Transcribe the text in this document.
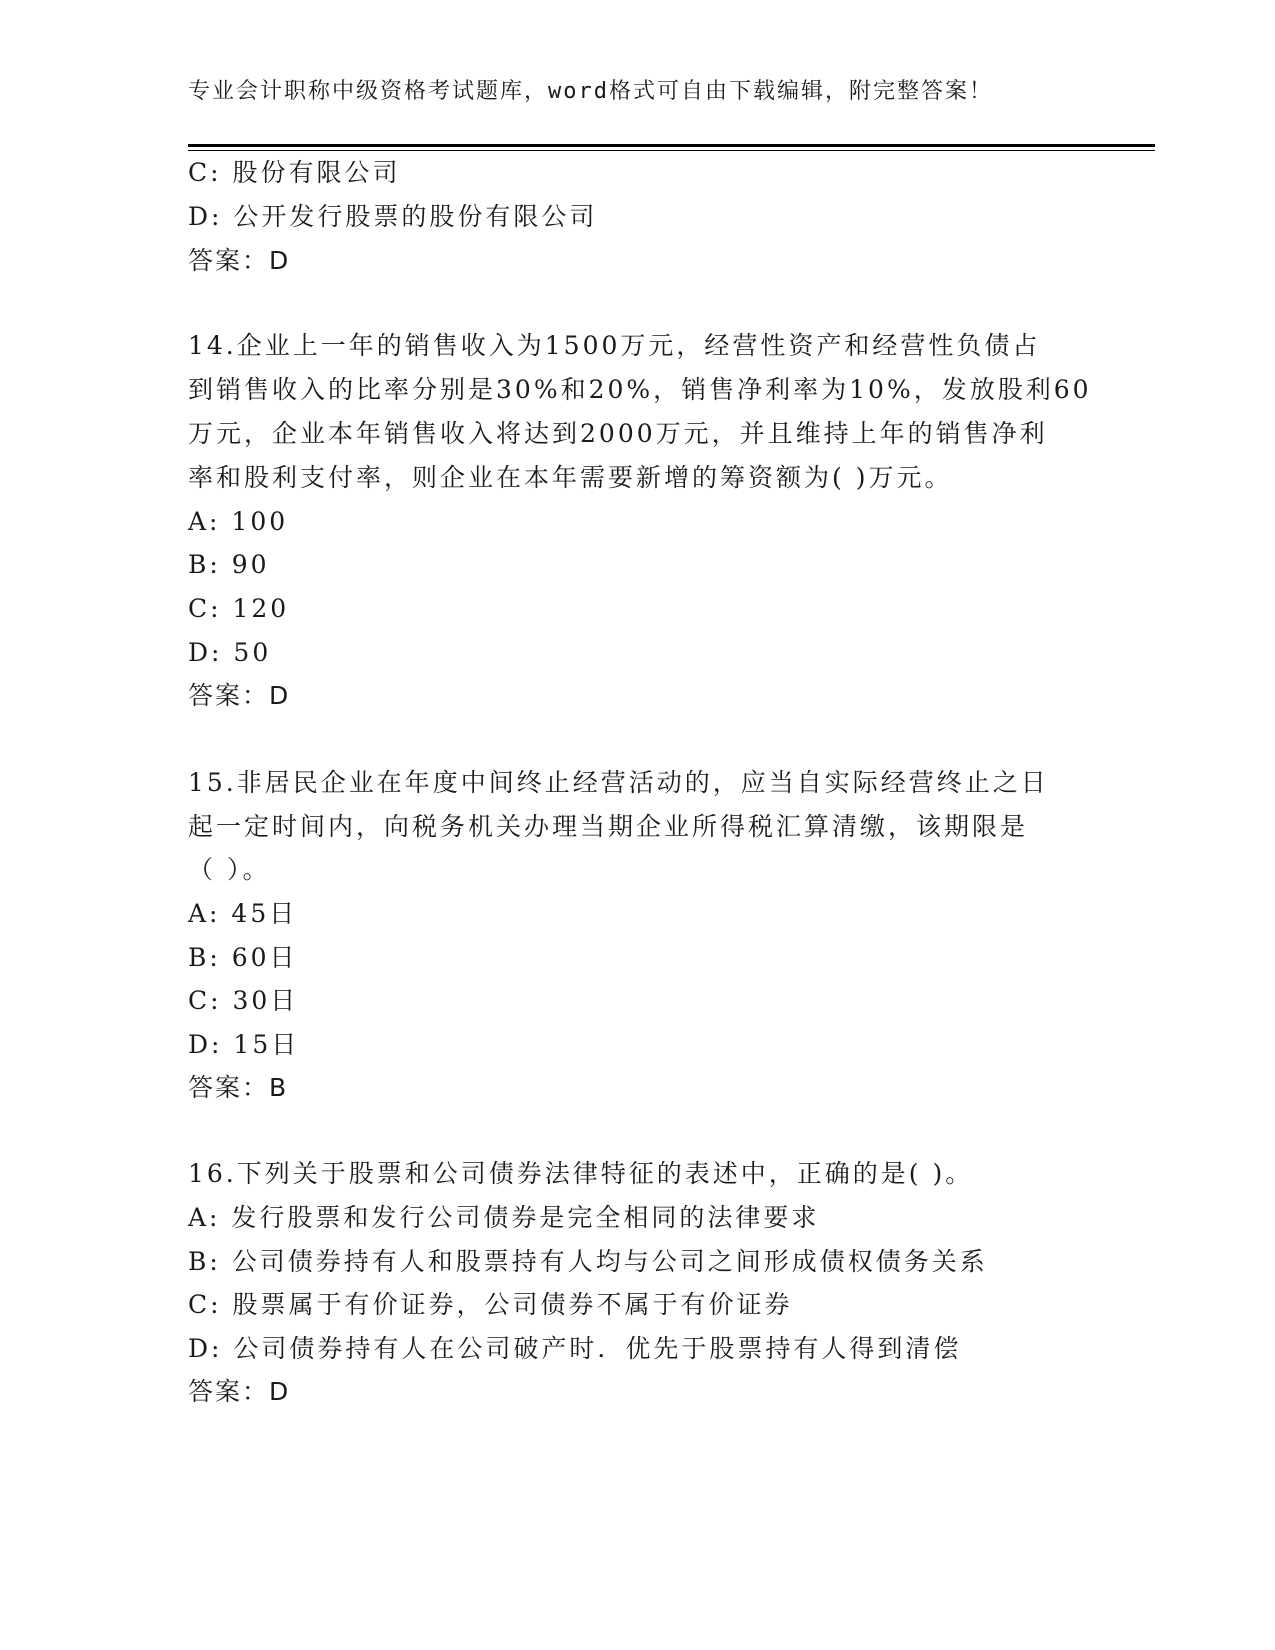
专业会计职称中级资格考试题库，word格式可自由下载编辑，附完整答案！
C: 股份有限公司
D: 公开发行股票的股份有限公司
答案：D
14.企业上一年的销售收入为1500万元，经营性资产和经营性负债占
到销售收入的比率分别是30%和20%，销售净利率为10%，发放股利60
万元，企业本年销售收入将达到2000万元，并且维持上年的销售净利
率和股利支付率，则企业在本年需要新增的筹资额为( )万元。
A: 100
B: 90
C: 120
D: 50
答案：D
15.非居民企业在年度中间终止经营活动的，应当自实际经营终止之日
起一定时间内，向税务机关办理当期企业所得税汇算清缴，该期限是
（ ）。
A: 45日
B: 60日
C: 30日
D: 15日
答案：B
16.下列关于股票和公司债券法律特征的表述中，正确的是( )。
A: 发行股票和发行公司债券是完全相同的法律要求
B: 公司债券持有人和股票持有人均与公司之间形成债权债务关系
C: 股票属于有价证券，公司债券不属于有价证券
D: 公司债券持有人在公司破产时．优先于股票持有人得到清偿
答案：D
